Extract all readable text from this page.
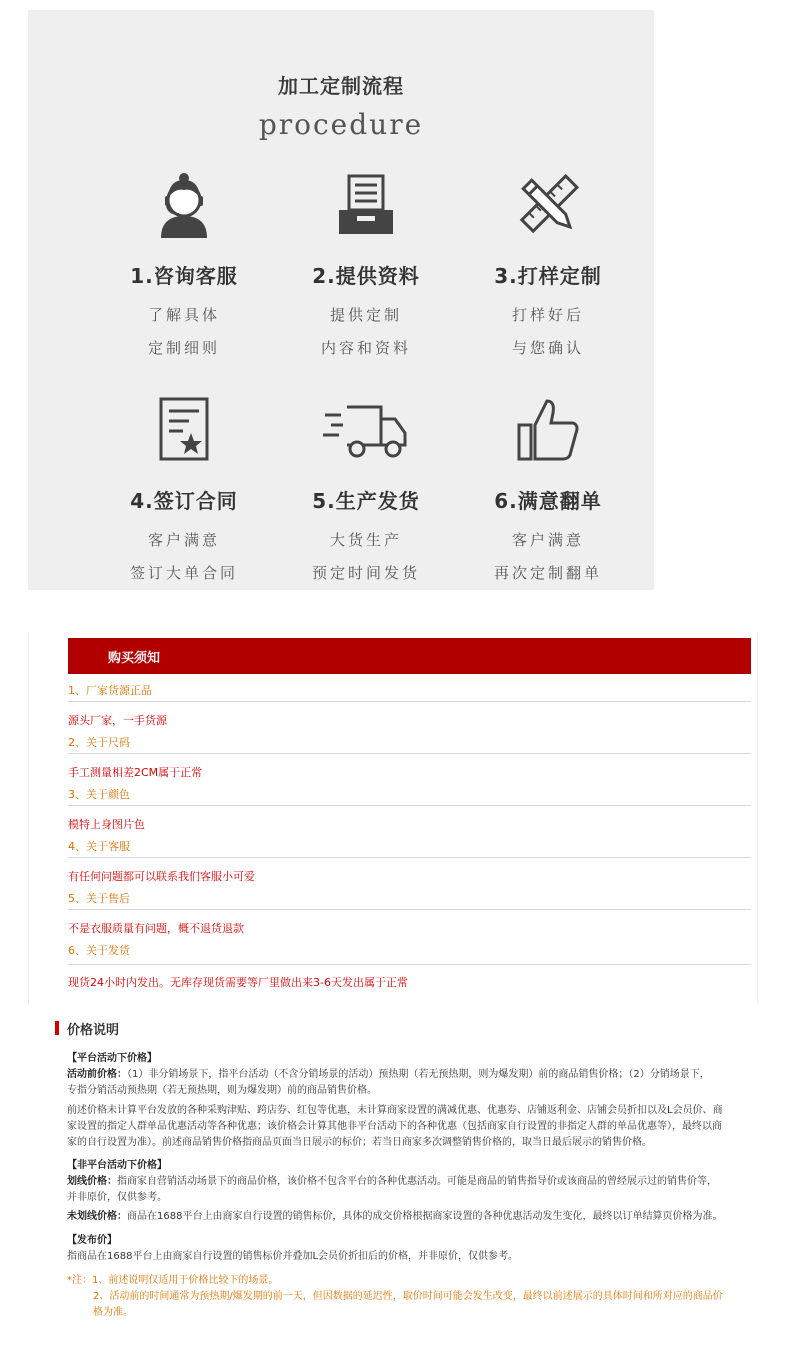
加工定制流程
procedure
1.咨询客服
了解具体
定制细则
2.提供资料
提供定制
内容和资料
3.打样定制
打样好后
与您确认
4.签订合同
客户满意
签订大单合同
5.生产发货
大货生产
预定时间发货
6.满意翻单
客户满意
再次定制翻单
购买须知
1、厂家货源正品
源头厂家，一手货源
2、关于尺码
手工测量相差2CM属于正常
3、关于颜色
模特上身图片色
4、关于客服
有任何问题都可以联系我们客服小可爱
5、关于售后
不是衣服质量有问题，概不退货退款
6、关于发货
现货24小时内发出。无库存现货需要等厂里做出来3-6天发出属于正常
价格说明
【平台活动下价格】
活动前价格：（1）非分销场景下，指平台活动（不含分销场景的活动）预热期（若无预热期，则为爆发期）前的商品销售价格；（2）分销场景下，
专指分销活动预热期（若无预热期，则为爆发期）前的商品销售价格。
前述价格未计算平台发放的各种采购津贴、跨店券、红包等优惠，未计算商家设置的满减优惠、优惠券、店铺返利金、店铺会员折扣以及L会员价、商
家设置的指定人群单品优惠活动等各种优惠；该价格会计算其他非平台活动下的各种优惠（包括商家自行设置的非指定人群的单品优惠等），最终以商
家的自行设置为准）。前述商品销售价格指商品页面当日展示的标价；若当日商家多次调整销售价格的，取当日最后展示的销售价格。
【非平台活动下价格】
划线价格：指商家自营销活动场景下的商品价格，该价格不包含平台的各种优惠活动。可能是商品的销售指导价或该商品的曾经展示过的销售价等，
并非原价，仅供参考。
未划线价格：商品在1688平台上由商家自行设置的销售标价，具体的成交价格根据商家设置的各种优惠活动发生变化，最终以订单结算页价格为准。
【发布价】
指商品在1688平台上由商家自行设置的销售标价并叠加L会员价折扣后的价格，并非原价，仅供参考。
*注：1、前述说明仅适用于价格比较下的场景。
2、活动前的时间通常为预热期/爆发期的前一天，但因数据的延迟性，取价时间可能会发生改变，最终以前述展示的具体时间和所对应的商品价
格为准。
